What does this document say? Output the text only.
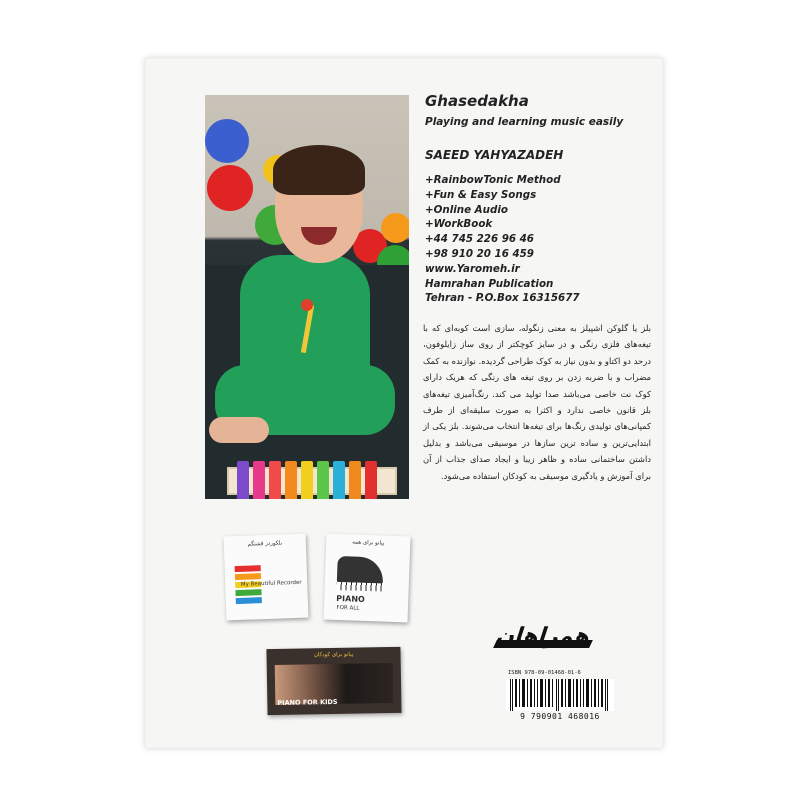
Ghasedakha
Playing and learning music easily
SAEED YAHYAZADEH
+RainbowTonic Method
+Fun & Easy Songs
+Online Audio
+WorkBook
+44 745 226 96 46
+98 910 20 16 459
www.Yaromeh.ir
Hamrahan Publication
Tehran - P.O.Box 16315677
بلز یا گلوکن اشپیلز به معنی زنگوله، سازی است کوبه‌ای که با تیغه‌های فلزی رنگی و در سایز کوچکتر از روی ساز زایلوفون، درحد دو اکتاو و بدون نیاز به کوک طراحی گردیده. نوازنده به کمک مضراب و با ضربه زدن بر روی تیغه های رنگی که هریک دارای کوک نت خاصی می‌باشد صدا تولید می کند. رنگ‌آمیزی تیغه‌های بلز قانون خاصی ندارد و اکثرا به صورت سلیقه‌ای از طرف کمپانی‌های تولیدی رنگ‌ها برای تیغه‌ها انتخاب می‌شوند. بلز یکی از ابتدایی‌ترین و ساده ترین سازها در موسیقی می‌باشد و بدلیل داشتن ساختمانی ساده و ظاهر زیبا و ایجاد صدای جذاب از آن برای آموزش و یادگیری موسیقی به کودکان استفاده می‌شود.
بلکوردر قشنگم
My Beautiful Recorder
پیانو برای همه
PIANO
FOR ALL
پیانو برای کودکان
PIANO FOR KIDS
همراهان
ISBN 978-09-01468-01-6
9 790901 468016
